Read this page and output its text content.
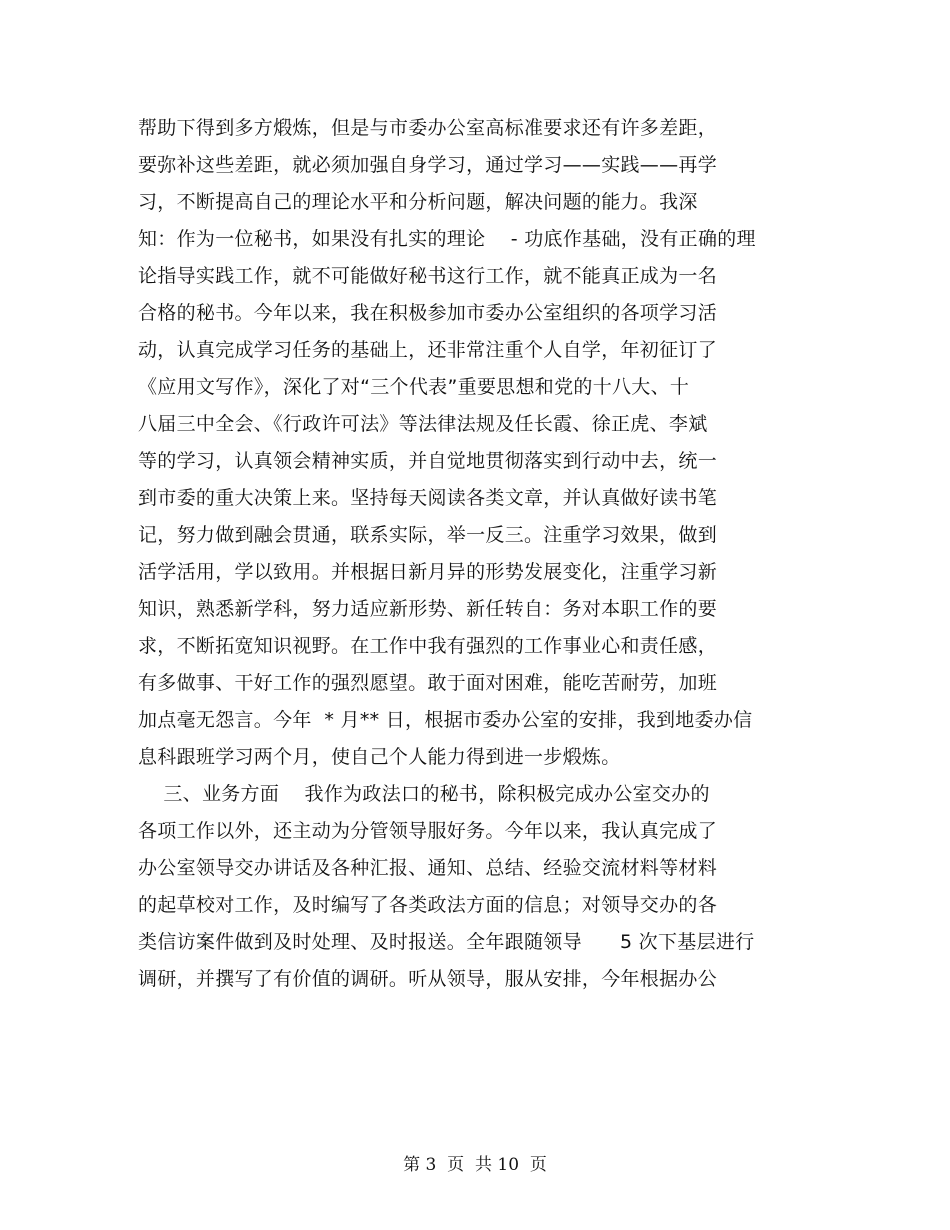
帮助下得到多方煅炼，但是与市委办公室高标准要求还有许多差距，
要弥补这些差距，就必须加强自身学习，通过学习——实践——再学
习，不断提高自己的理论水平和分析问题，解决问题的能力。我深
知：作为一位秘书，如果没有扎实的理论    - 功底作基础，没有正确的理
论指导实践工作，就不可能做好秘书这行工作，就不能真正成为一名
合格的秘书。今年以来，我在积极参加市委办公室组织的各项学习活
动，认真完成学习任务的基础上，还非常注重个人自学，年初征订了
《应用文写作》，深化了对“三个代表”重要思想和党的十八大、十
八届三中全会、《行政许可法》等法律法规及任长霞、徐正虎、李斌
等的学习，认真领会精神实质，并自觉地贯彻落实到行动中去，统一
到市委的重大决策上来。坚持每天阅读各类文章，并认真做好读书笔
记，努力做到融会贯通，联系实际，举一反三。注重学习效果，做到
活学活用，学以致用。并根据日新月异的形势发展变化，注重学习新
知识，熟悉新学科，努力适应新形势、新任转自：务对本职工作的要
求，不断拓宽知识视野。在工作中我有强烈的工作事业心和责任感，
有多做事、干好工作的强烈愿望。敢于面对困难，能吃苦耐劳，加班
加点毫无怨言。今年  * 月** 日，根据市委办公室的安排，我到地委办信
息科跟班学习两个月，使自己个人能力得到进一步煅炼。
三、业务方面    我作为政法口的秘书，除积极完成办公室交办的
各项工作以外，还主动为分管领导服好务。今年以来，我认真完成了
办公室领导交办讲话及各种汇报、通知、总结、经验交流材料等材料
的起草校对工作，及时编写了各类政法方面的信息；对领导交办的各
类信访案件做到及时处理、及时报送。全年跟随领导      5 次下基层进行
调研，并撰写了有价值的调研。听从领导，服从安排，今年根据办公
第 3  页  共 10  页
